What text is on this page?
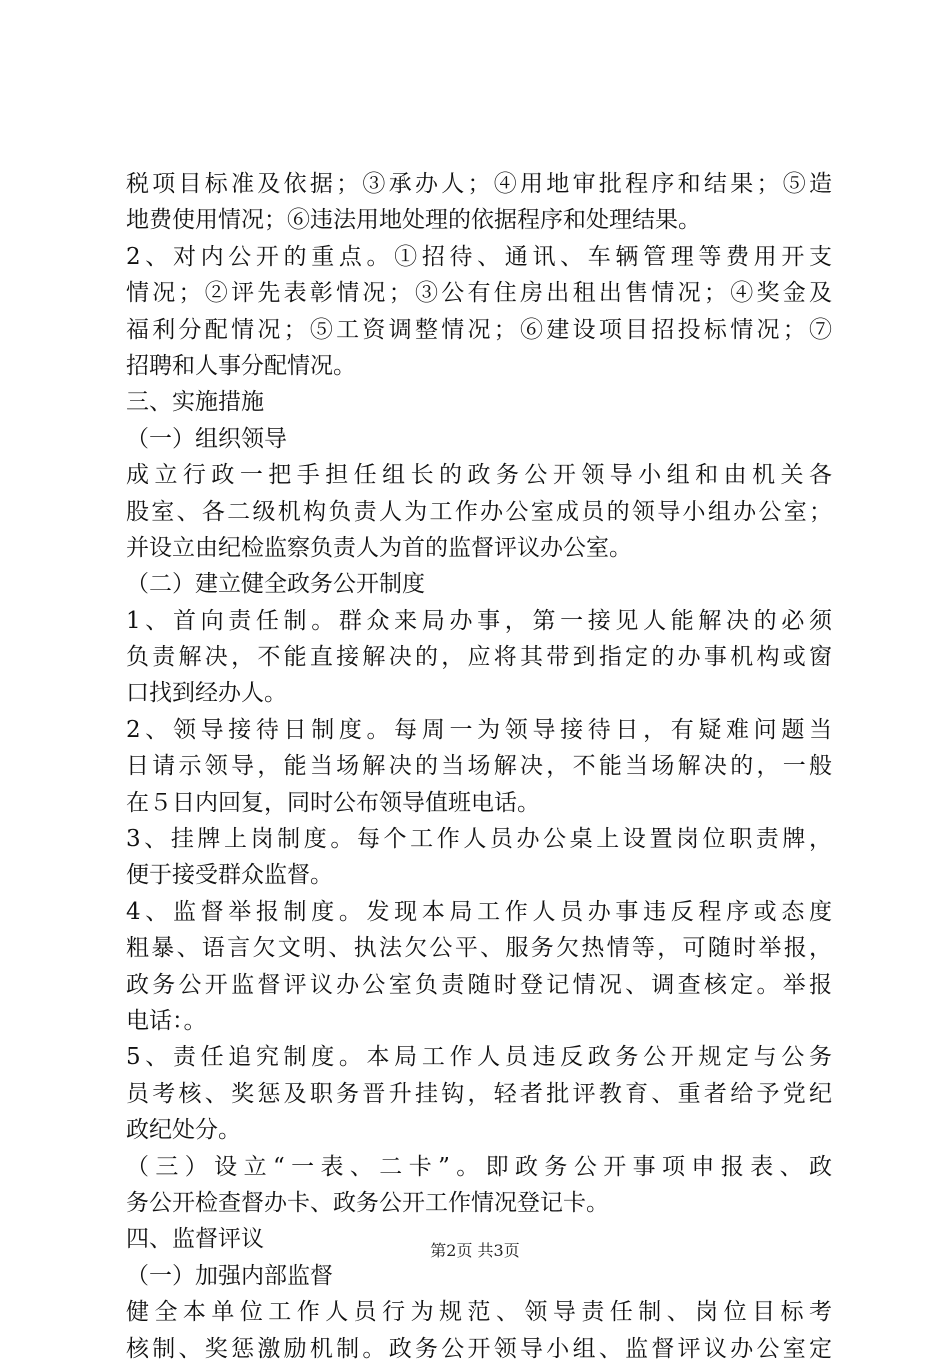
税项目标准及依据；③承办人；④用地审批程序和结果；⑤造
地费使用情况；⑥违法用地处理的依据程序和处理结果。
2、对内公开的重点。①招待、通讯、车辆管理等费用开支
情况；②评先表彰情况；③公有住房出租出售情况；④奖金及
福利分配情况；⑤工资调整情况；⑥建设项目招投标情况；⑦
招聘和人事分配情况。
三、实施措施
（一）组织领导
成立行政一把手担任组长的政务公开领导小组和由机关各
股室、各二级机构负责人为工作办公室成员的领导小组办公室；
并设立由纪检监察负责人为首的监督评议办公室。
（二）建立健全政务公开制度
1、首向责任制。群众来局办事，第一接见人能解决的必须
负责解决，不能直接解决的，应将其带到指定的办事机构或窗
口找到经办人。
2、领导接待日制度。每周一为领导接待日，有疑难问题当
日请示领导，能当场解决的当场解决，不能当场解决的，一般
在５日内回复，同时公布领导值班电话。
3、挂牌上岗制度。每个工作人员办公桌上设置岗位职责牌，
便于接受群众监督。
4、监督举报制度。发现本局工作人员办事违反程序或态度
粗暴、语言欠文明、执法欠公平、服务欠热情等，可随时举报，
政务公开监督评议办公室负责随时登记情况、调查核定。举报
电话：。
5、责任追究制度。本局工作人员违反政务公开规定与公务
员考核、奖惩及职务晋升挂钩，轻者批评教育、重者给予党纪
政纪处分。
（三）设立“一表、二卡”。即政务公开事项申报表、政
务公开检查督办卡、政务公开工作情况登记卡。
四、监督评议
（一）加强内部监督
健全本单位工作人员行为规范、领导责任制、岗位目标考
核制、奖惩激励机制。政务公开领导小组、监督评议办公室定
第2页 共3页
